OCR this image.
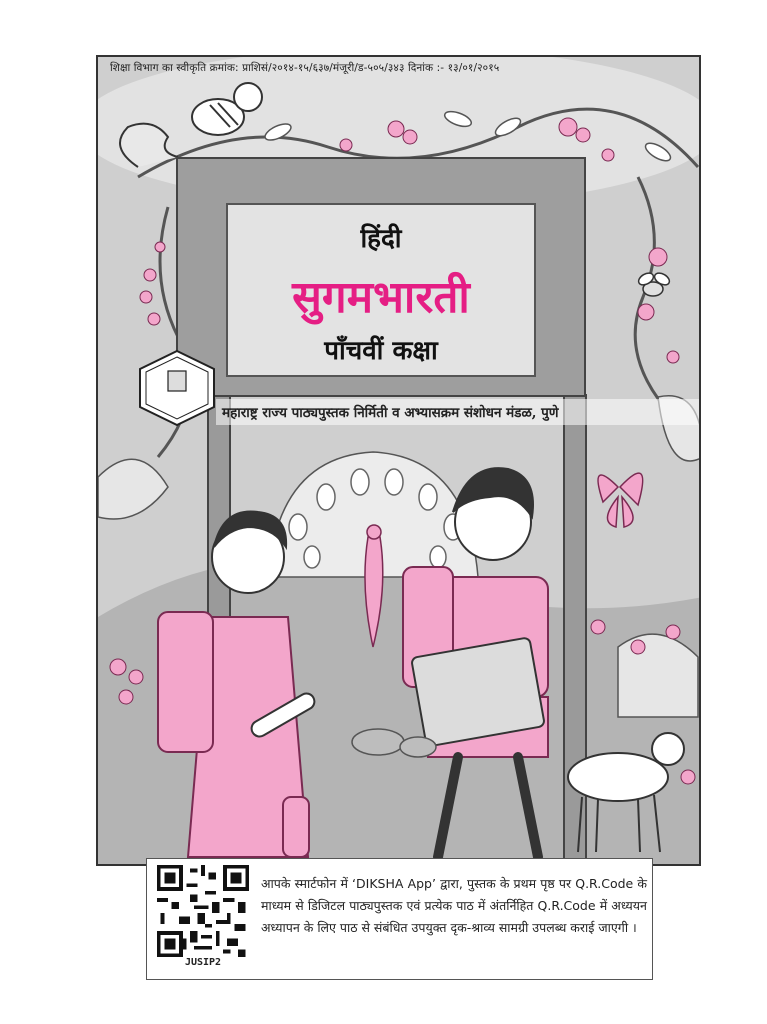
हिंदी
सुगमभारती
पाँचवीं कक्षा
महाराष्ट्र राज्य पाठ्यपुस्तक निर्मिती व अभ्यासक्रम संशोधन मंडळ, पुणे
शिक्षा विभाग का स्वीकृति क्रमांक: प्राशिसं/२०१४-१५/६३७/मंजूरी/ड-५०५/३४३ दिनांक :- १३/०१/२०१५
JUSIP2
आपके स्मार्टफोन में ‘DIKSHA App’ द्वारा, पुस्तक के प्रथम पृष्ठ पर Q.R.Code के माध्यम से डिजिटल पाठ्यपुस्तक एवं प्रत्येक पाठ में अंतर्निहित Q.R.Code में अध्ययन अध्यापन के लिए पाठ से संबंधित उपयुक्त दृक-श्राव्य सामग्री उपलब्ध कराई जाएगी ।
